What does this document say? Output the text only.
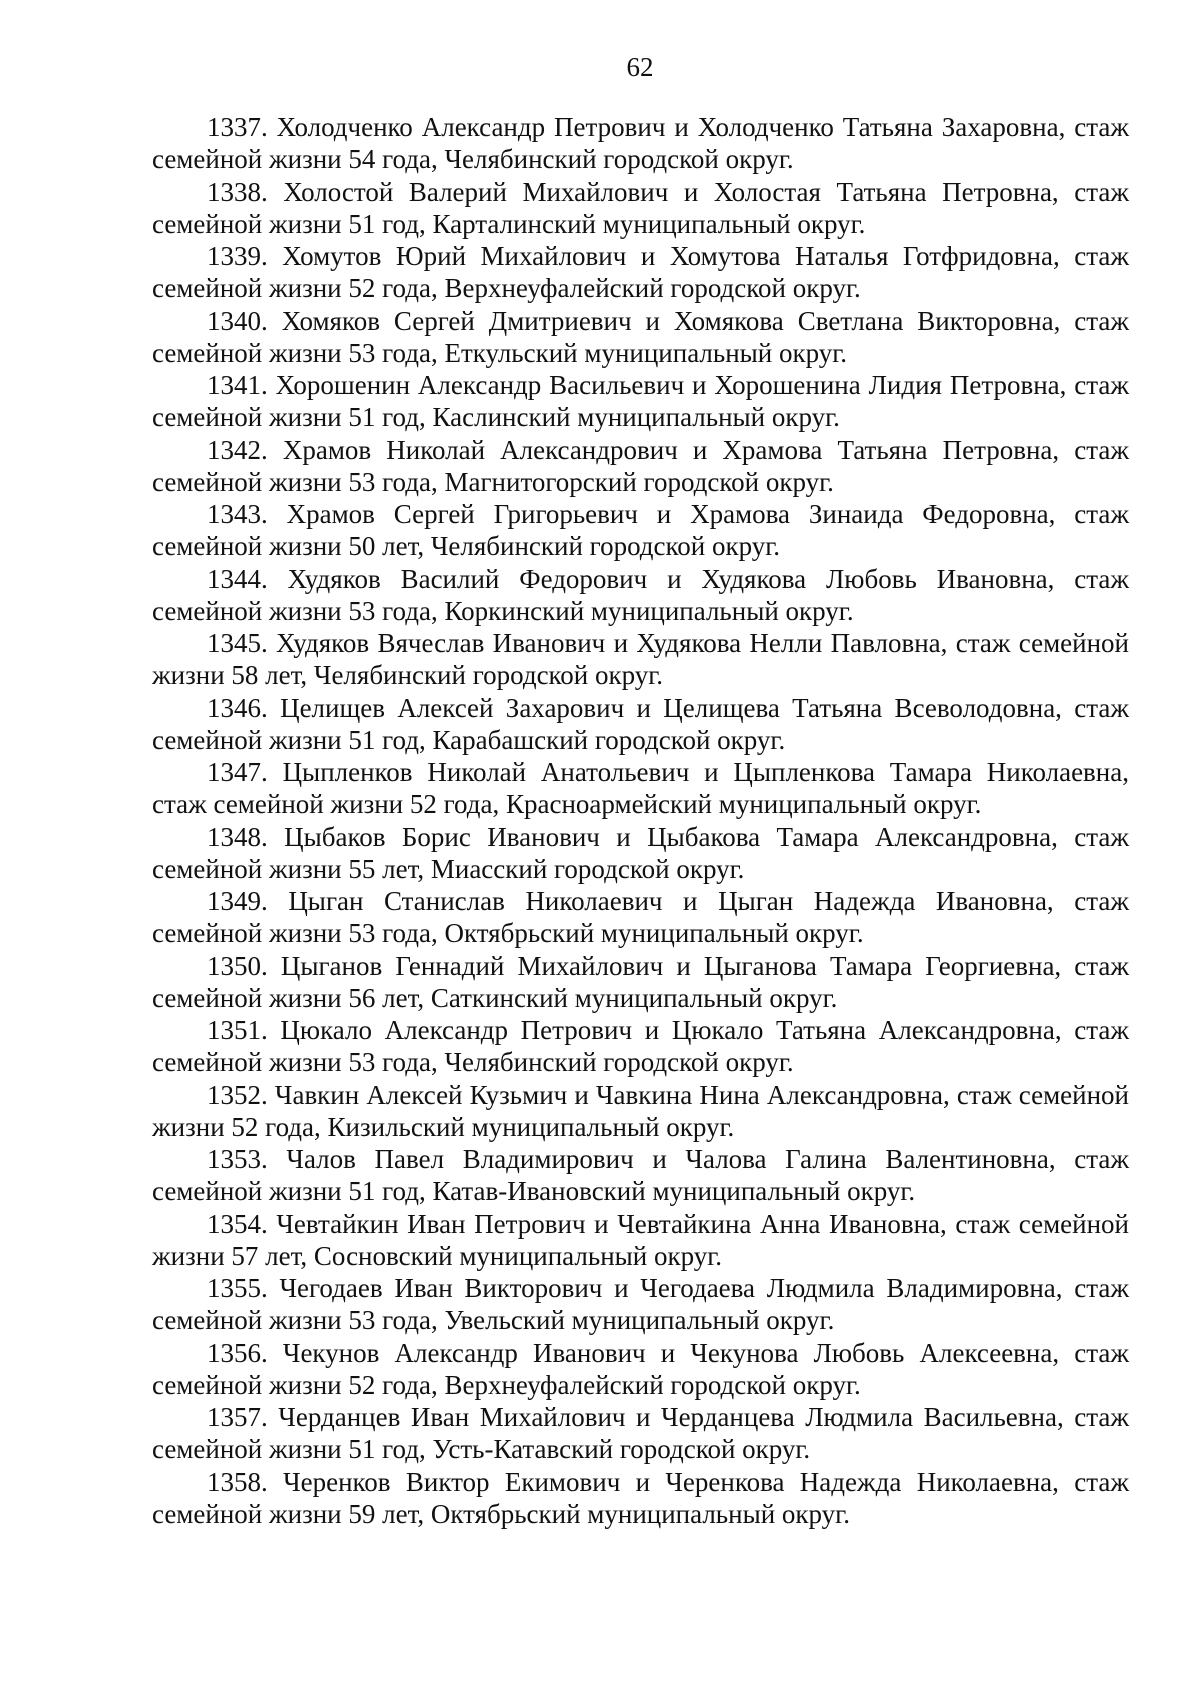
62
1337. Холодченко Александр Петрович и Холодченко Татьяна Захаровна, стаж семейной жизни 54 года, Челябинский городской округ.
1338. Холостой Валерий Михайлович и Холостая Татьяна Петровна, стаж семейной жизни 51 год, Карталинский муниципальный округ.
1339. Хомутов Юрий Михайлович и Хомутова Наталья Готфридовна, стаж семейной жизни 52 года, Верхнеуфалейский городской округ.
1340. Хомяков Сергей Дмитриевич и Хомякова Светлана Викторовна, стаж семейной жизни 53 года, Еткульский муниципальный округ.
1341. Хорошенин Александр Васильевич и Хорошенина Лидия Петровна, стаж семейной жизни 51 год, Каслинский муниципальный округ.
1342. Храмов Николай Александрович и Храмова Татьяна Петровна, стаж семейной жизни 53 года, Магнитогорский городской округ.
1343. Храмов Сергей Григорьевич и Храмова Зинаида Федоровна, стаж семейной жизни 50 лет, Челябинский городской округ.
1344. Худяков Василий Федорович и Худякова Любовь Ивановна, стаж семейной жизни 53 года, Коркинский муниципальный округ.
1345. Худяков Вячеслав Иванович и Худякова Нелли Павловна, стаж семейной жизни 58 лет, Челябинский городской округ.
1346. Целищев Алексей Захарович и Целищева Татьяна Всеволодовна, стаж семейной жизни 51 год, Карабашский городской округ.
1347. Цыпленков Николай Анатольевич и Цыпленкова Тамара Николаевна, стаж семейной жизни 52 года, Красноармейский муниципальный округ.
1348. Цыбаков Борис Иванович и Цыбакова Тамара Александровна, стаж семейной жизни 55 лет, Миасский городской округ.
1349. Цыган Станислав Николаевич и Цыган Надежда Ивановна, стаж семейной жизни 53 года, Октябрьский муниципальный округ.
1350. Цыганов Геннадий Михайлович и Цыганова Тамара Георгиевна, стаж семейной жизни 56 лет, Саткинский муниципальный округ.
1351. Цюкало Александр Петрович и Цюкало Татьяна Александровна, стаж семейной жизни 53 года, Челябинский городской округ.
1352. Чавкин Алексей Кузьмич и Чавкина Нина Александровна, стаж семейной жизни 52 года, Кизильский муниципальный округ.
1353. Чалов Павел Владимирович и Чалова Галина Валентиновна, стаж семейной жизни 51 год, Катав-Ивановский муниципальный округ.
1354. Чевтайкин Иван Петрович и Чевтайкина Анна Ивановна, стаж семейной жизни 57 лет, Сосновский муниципальный округ.
1355. Чегодаев Иван Викторович и Чегодаева Людмила Владимировна, стаж семейной жизни 53 года, Увельский муниципальный округ.
1356. Чекунов Александр Иванович и Чекунова Любовь Алексеевна, стаж семейной жизни 52 года, Верхнеуфалейский городской округ.
1357. Черданцев Иван Михайлович и Черданцева Людмила Васильевна, стаж семейной жизни 51 год, Усть-Катавский городской округ.
1358. Черенков Виктор Екимович и Черенкова Надежда Николаевна, стаж семейной жизни 59 лет, Октябрьский муниципальный округ.
